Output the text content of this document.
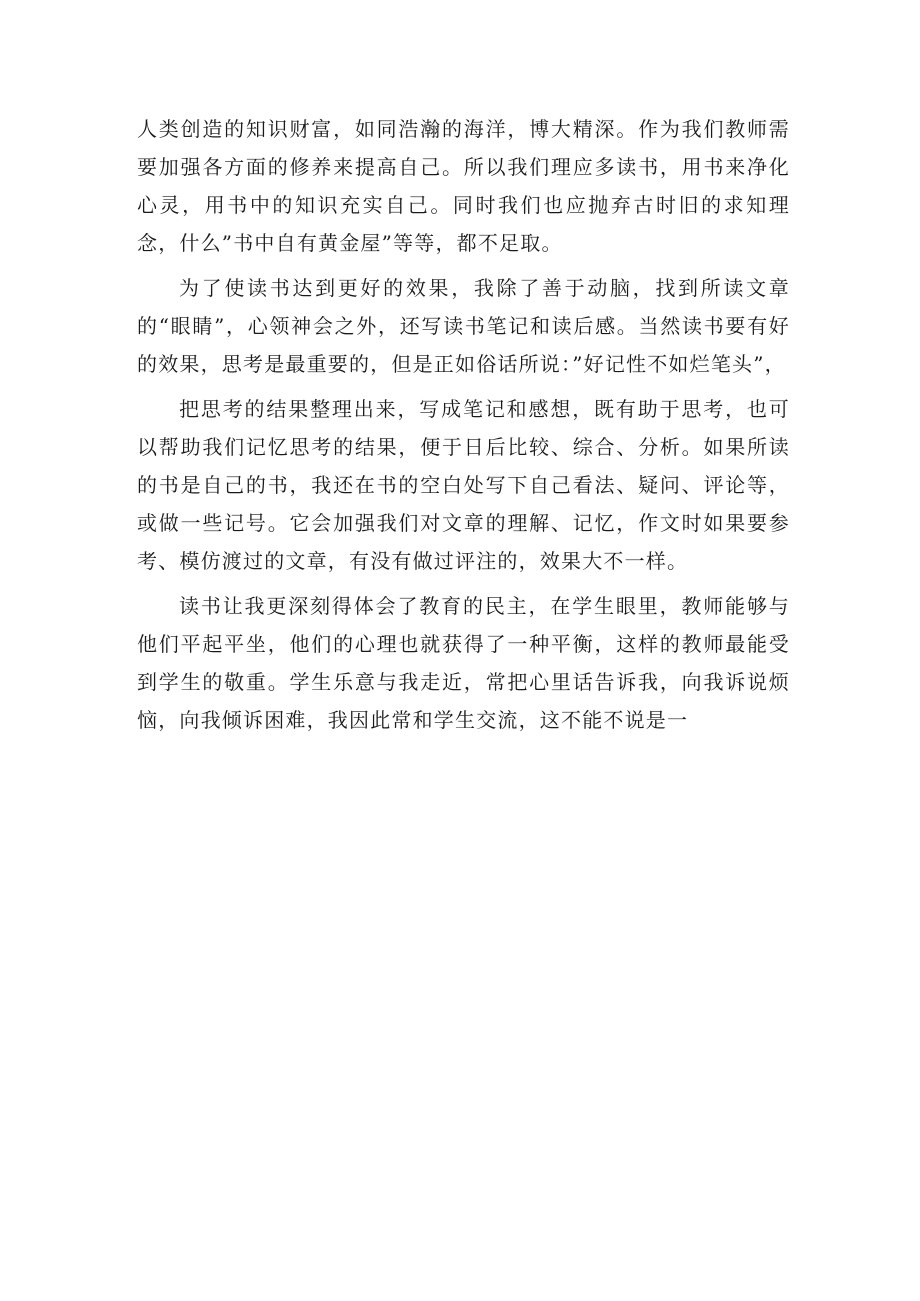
人类创造的知识财富，如同浩瀚的海洋，博大精深。作为我们教师需要加强各方面的修养来提高自己。所以我们理应多读书，用书来净化心灵，用书中的知识充实自己。同时我们也应抛弃古时旧的求知理念，什么”书中自有黄金屋”等等，都不足取。

为了使读书达到更好的效果，我除了善于动脑，找到所读文章的“眼睛”，心领神会之外，还写读书笔记和读后感。当然读书要有好的效果，思考是最重要的，但是正如俗话所说：”好记性不如烂笔头”，

把思考的结果整理出来，写成笔记和感想，既有助于思考，也可以帮助我们记忆思考的结果，便于日后比较、综合、分析。如果所读的书是自己的书，我还在书的空白处写下自己看法、疑问、评论等，或做一些记号。它会加强我们对文章的理解、记忆，作文时如果要参考、模仿渡过的文章，有没有做过评注的，效果大不一样。

读书让我更深刻得体会了教育的民主，在学生眼里，教师能够与他们平起平坐，他们的心理也就获得了一种平衡，这样的教师最能受到学生的敬重。学生乐意与我走近，常把心里话告诉我，向我诉说烦恼，向我倾诉困难，我因此常和学生交流，这不能不说是一
